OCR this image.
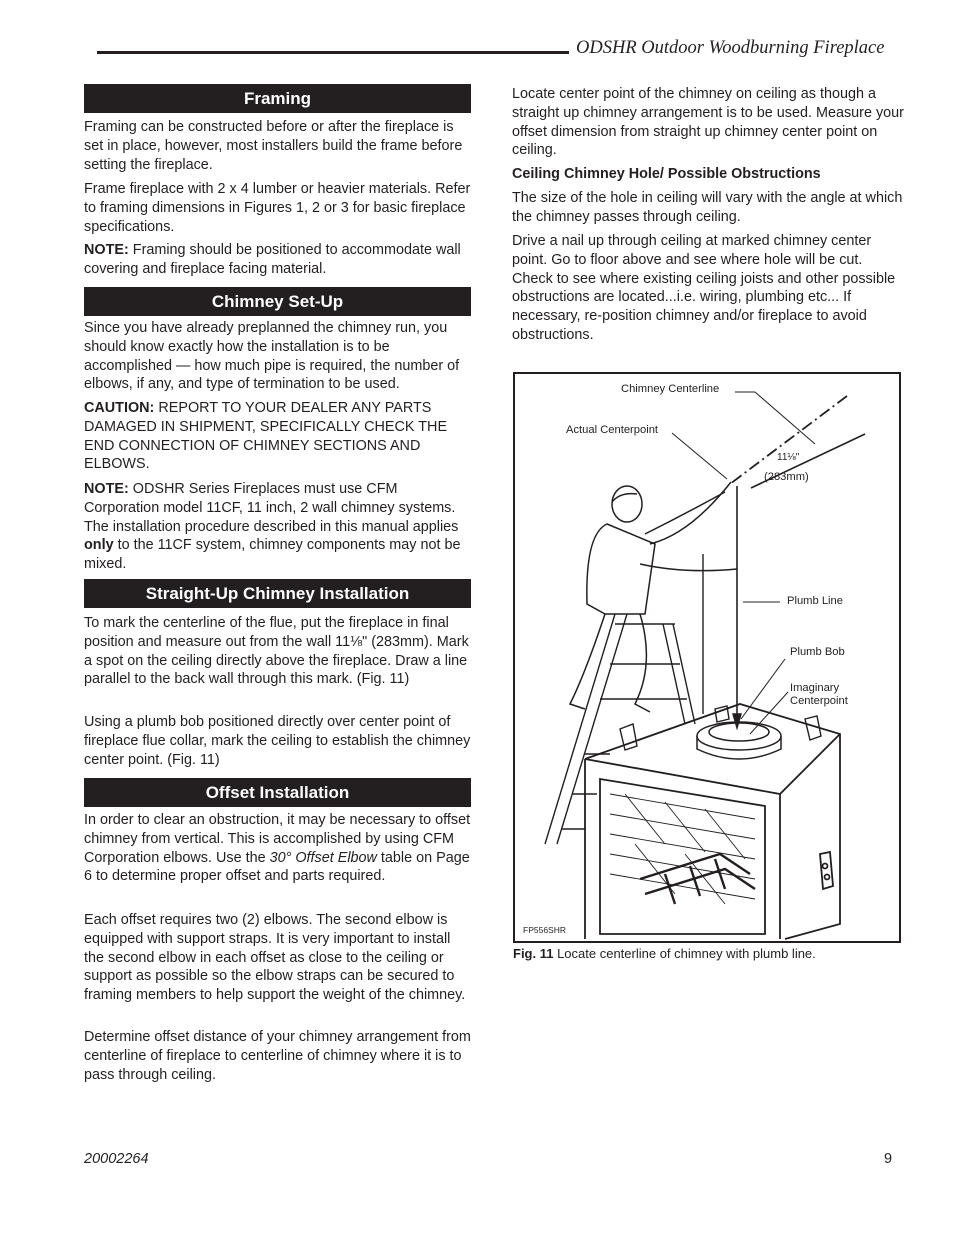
ODSHR Outdoor Woodburning Fireplace
Framing

Framing can be constructed before or after the fireplace is set in place, however, most installers build the frame before setting the fireplace.

Frame fireplace with 2 x 4 lumber or heavier materials. Refer to framing dimensions in Figures 1, 2 or 3 for basic fireplace specifications.

NOTE: Framing should be positioned to accommodate wall covering and fireplace facing material.

Chimney Set-Up

Since you have already preplanned the chimney run, you should know exactly how the installation is to be accomplished — how much pipe is required, the number of elbows, if any, and type of termination to be used.

CAUTION: REPORT TO YOUR DEALER ANY PARTS DAMAGED IN SHIPMENT, SPECIFICALLY CHECK THE END CONNECTION OF CHIMNEY SECTIONS AND ELBOWS.

NOTE: ODSHR Series Fireplaces must use CFM Corporation model 11CF, 11 inch, 2 wall chimney systems. The installation procedure described in this manual applies only to the 11CF system, chimney components may not be mixed.

Straight-Up Chimney Installation

To mark the centerline of the flue, put the fireplace in final position and measure out from the wall 11⅛" (283mm). Mark a spot on the ceiling directly above the fireplace. Draw a line parallel to the back wall through this mark. (Fig. 11)

Using a plumb bob positioned directly over center point of fireplace flue collar, mark the ceiling to establish the chimney center point. (Fig. 11)

Offset Installation

In order to clear an obstruction, it may be necessary to offset chimney from vertical. This is accomplished by using CFM Corporation elbows. Use the 30° Offset Elbow table on Page 6 to determine proper offset and parts required.

Each offset requires two (2) elbows. The second elbow is equipped with support straps. It is very important to install the second elbow in each offset as close to the ceiling or support as possible so the elbow straps can be secured to framing members to help support the weight of the chimney.

Determine offset distance of your chimney arrangement from centerline of fireplace to centerline of chimney where it is to pass through ceiling.

Locate center point of the chimney on ceiling as though a straight up chimney arrangement is to be used. Measure your offset dimension from straight up chimney center point on ceiling.

Ceiling Chimney Hole/ Possible Obstructions

The size of the hole in ceiling will vary with the angle at which the chimney passes through ceiling.

Drive a nail up through ceiling at marked chimney center point. Go to floor above and see where hole will be cut. Check to see where existing ceiling joists and other possible obstructions are located...i.e. wiring, plumbing etc... If necessary, re-position chimney and/or fireplace to avoid obstructions.

Chimney Centerline
Actual Centerpoint
11⅛"
(283mm)
Plumb Line
Plumb Bob
Imaginary
Centerpoint
FP556SHR
Fig. 11 Locate centerline of chimney with plumb line.
20002264	9
